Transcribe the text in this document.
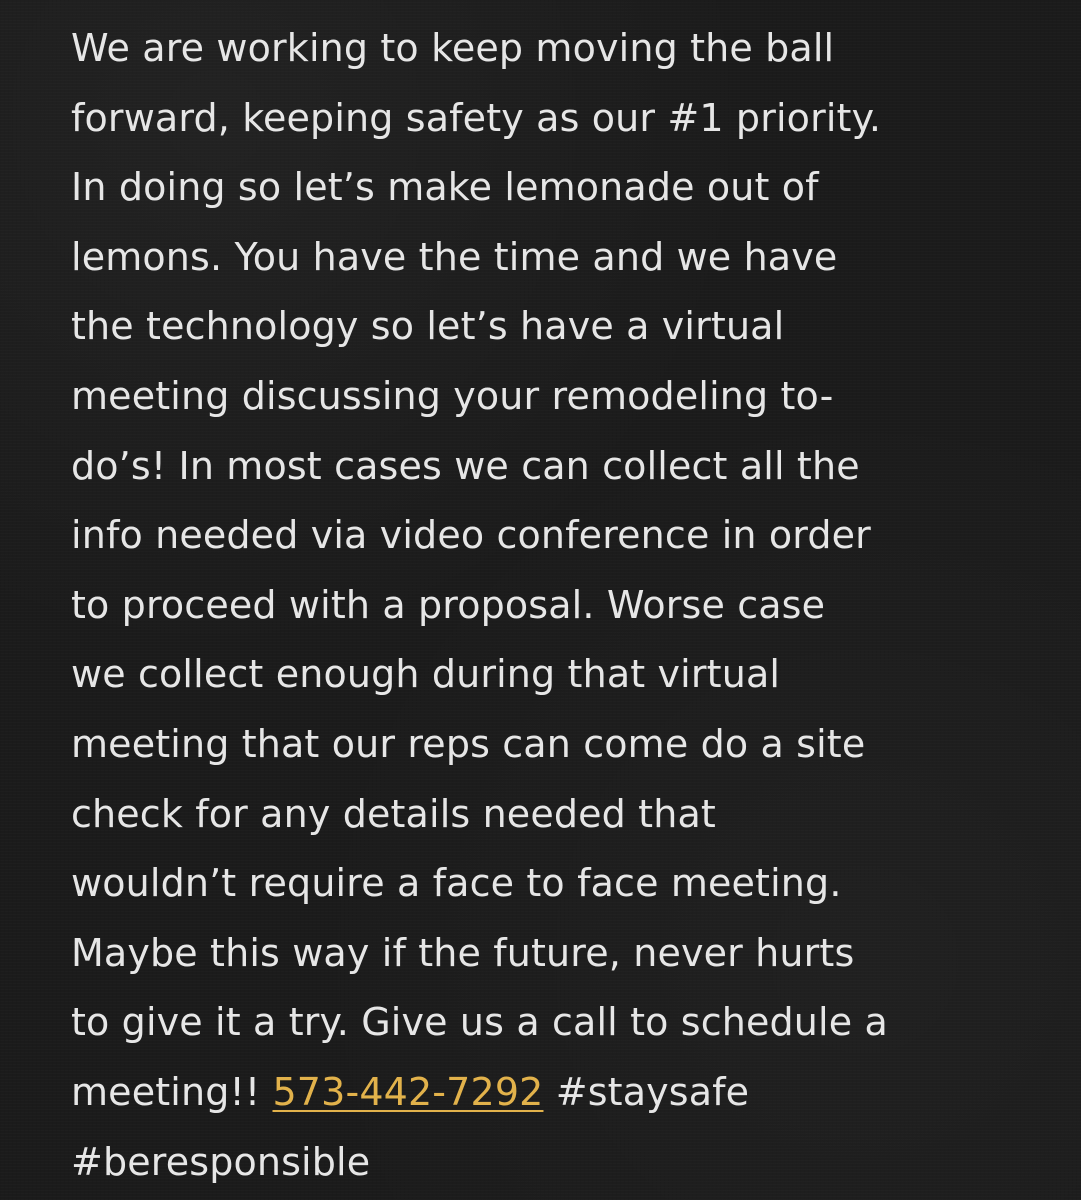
We are working to keep moving the ball
forward, keeping safety as our #1 priority.
In doing so let’s make lemonade out of
lemons. You have the time and we have
the technology so let’s have a virtual
meeting discussing your remodeling to-
do’s! In most cases we can collect all the
info needed via video conference in order
to proceed with a proposal. Worse case
we collect enough during that virtual
meeting that our reps can come do a site
check for any details needed that
wouldn’t require a face to face meeting.
Maybe this way if the future, never hurts
to give it a try. Give us a call to schedule a
meeting!! 573-442-7292 #staysafe
#beresponsible
